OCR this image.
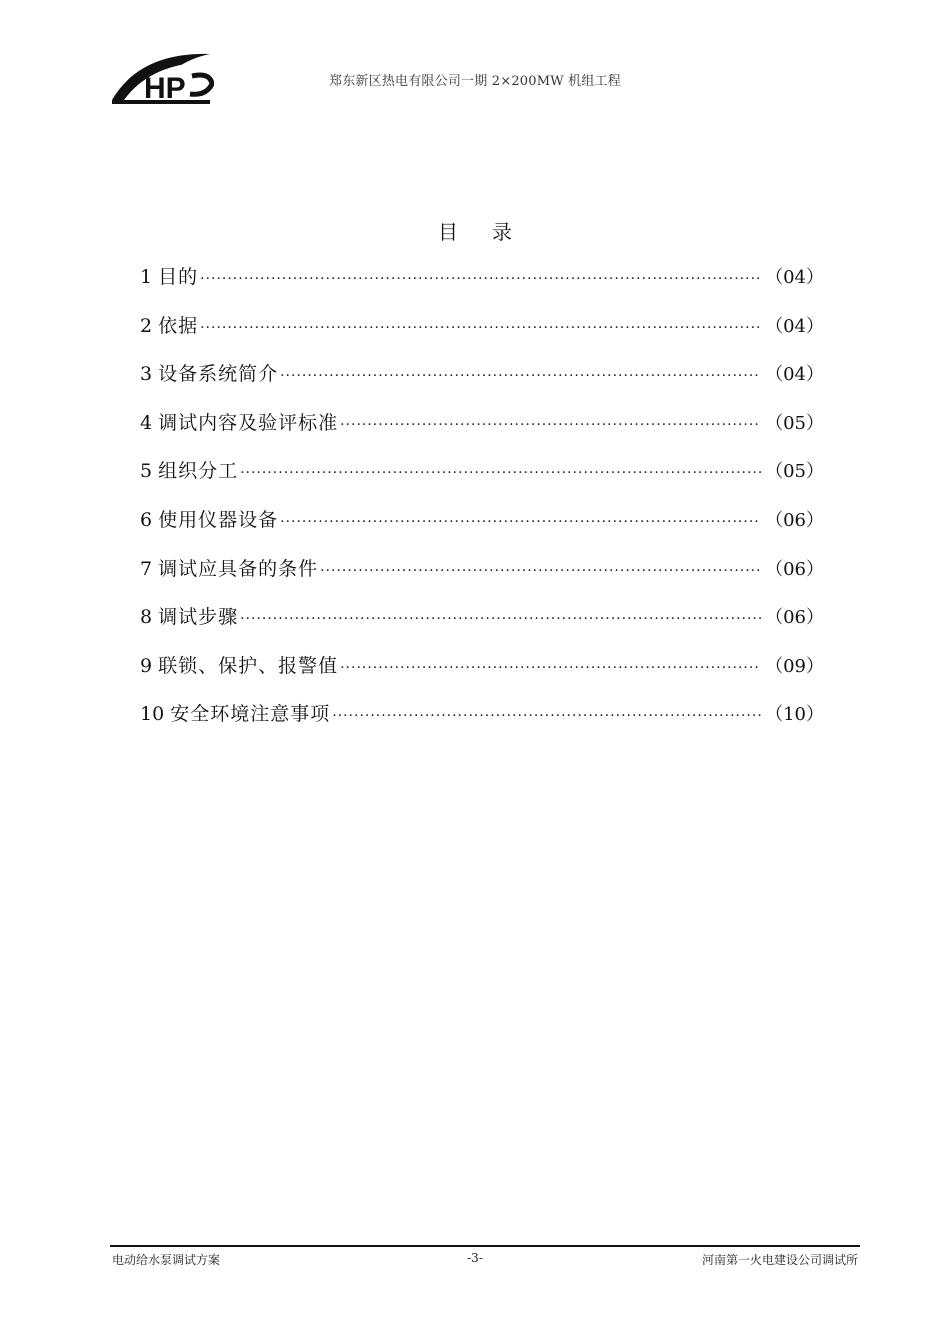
HP	郑东新区热电有限公司一期 2×200MW 机组工程
目 录
1 目的 ·····	（04）
2 依据 ·····	（04）
3 设备系统简介 ·····	（04）
4 调试内容及验评标准 ·····	（05）
5 组织分工 ·····	（05）
6 使用仪器设备 ·····	（06）
7 调试应具备的条件 ·····	（06）
8 调试步骤 ·····	（06）
9 联锁、保护、报警值 ·····	（09）
10 安全环境注意事项 ·····	（10）
电动给水泵调试方案	-3-	河南第一火电建设公司调试所
